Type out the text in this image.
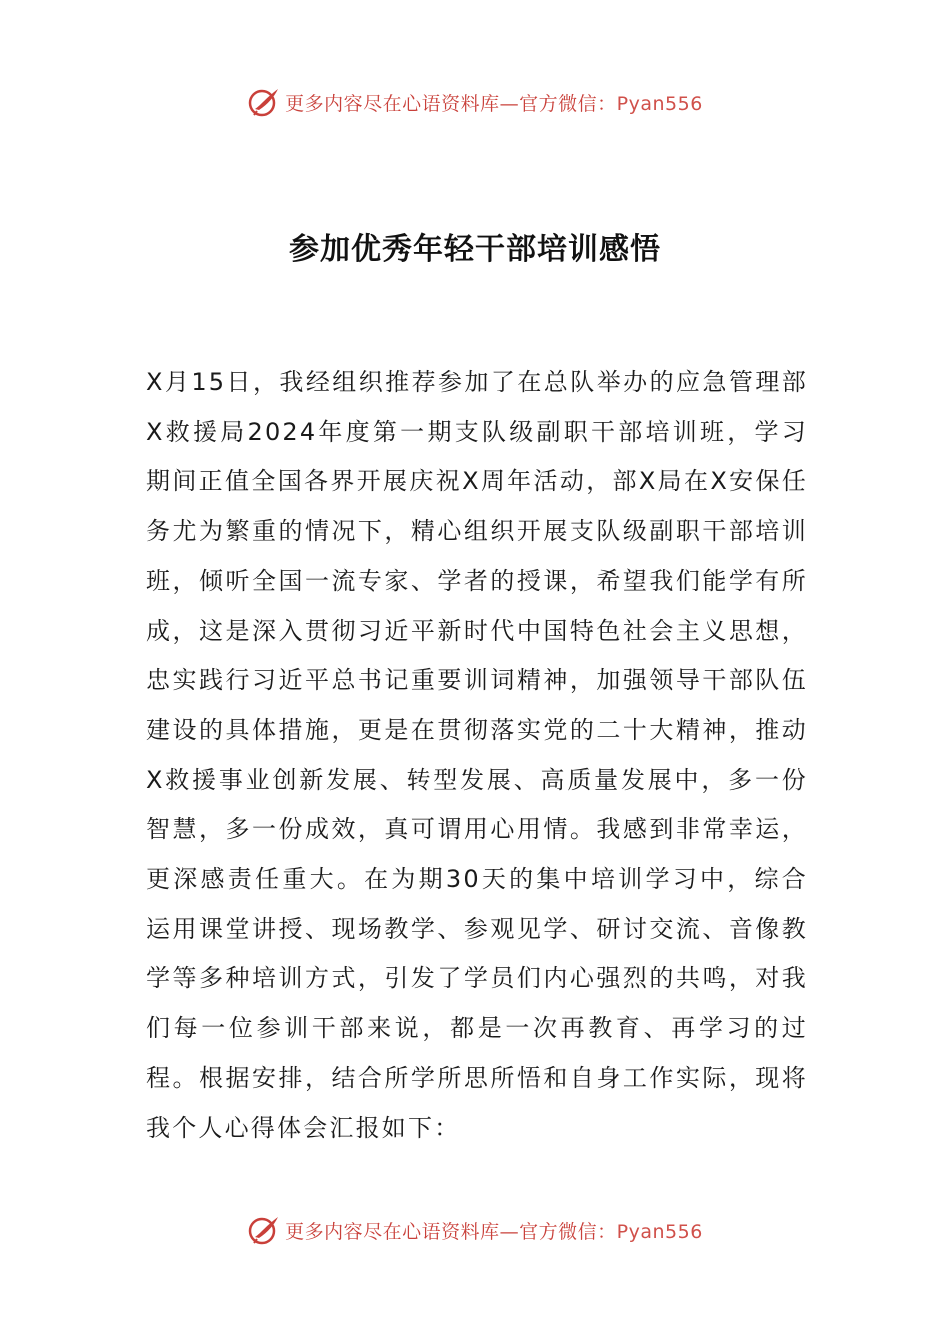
更多内容尽在心语资料库—官方微信：Pyan556
参加优秀年轻干部培训感悟

X月15日，我经组织推荐参加了在总队举办的应急管理部X救援局2024年度第一期支队级副职干部培训班，学习期间正值全国各界开展庆祝X周年活动，部X局在X安保任务尤为繁重的情况下，精心组织开展支队级副职干部培训班，倾听全国一流专家、学者的授课，希望我们能学有所成，这是深入贯彻习近平新时代中国特色社会主义思想，忠实践行习近平总书记重要训词精神，加强领导干部队伍建设的具体措施，更是在贯彻落实党的二十大精神，推动X救援事业创新发展、转型发展、高质量发展中，多一份智慧，多一份成效，真可谓用心用情。我感到非常幸运，更深感责任重大。在为期30天的集中培训学习中，综合运用课堂讲授、现场教学、参观见学、研讨交流、音像教学等多种培训方式，引发了学员们内心强烈的共鸣，对我们每一位参训干部来说，都是一次再教育、再学习的过程。根据安排，结合所学所思所悟和自身工作实际，现将我个人心得体会汇报如下：

更多内容尽在心语资料库—官方微信：Pyan556
